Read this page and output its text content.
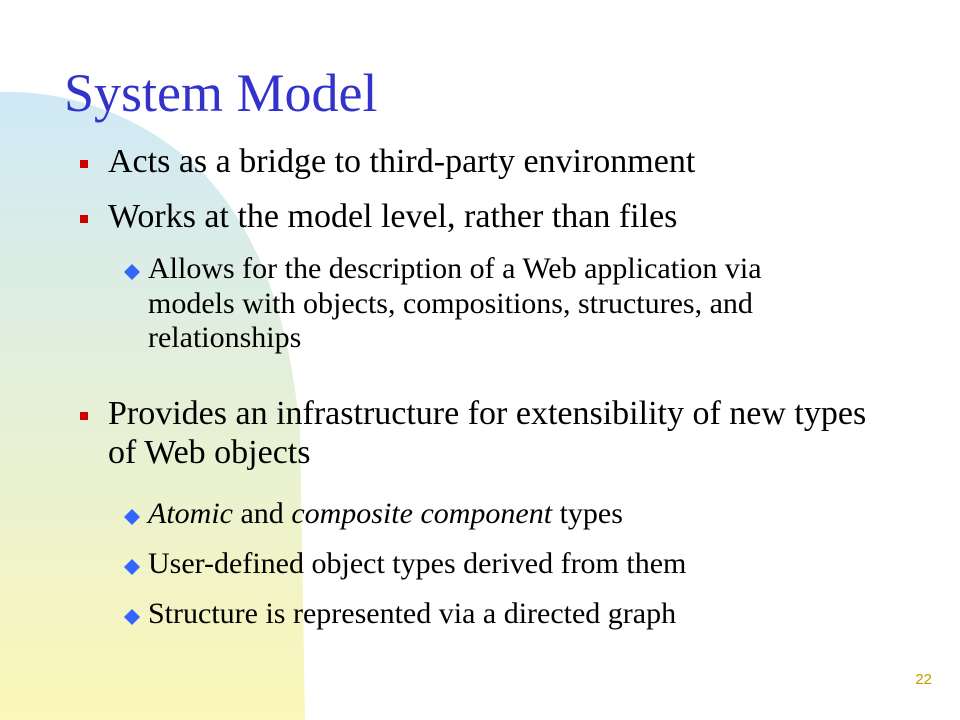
System Model

Acts as a bridge to third-party environment

Works at the model level, rather than files

Allows for the description of a Web application via models with objects, compositions, structures, and relationships

Provides an infrastructure for extensibility of new types of Web objects

Atomic and composite component types

User-defined object types derived from them

Structure is represented via a directed graph

22
